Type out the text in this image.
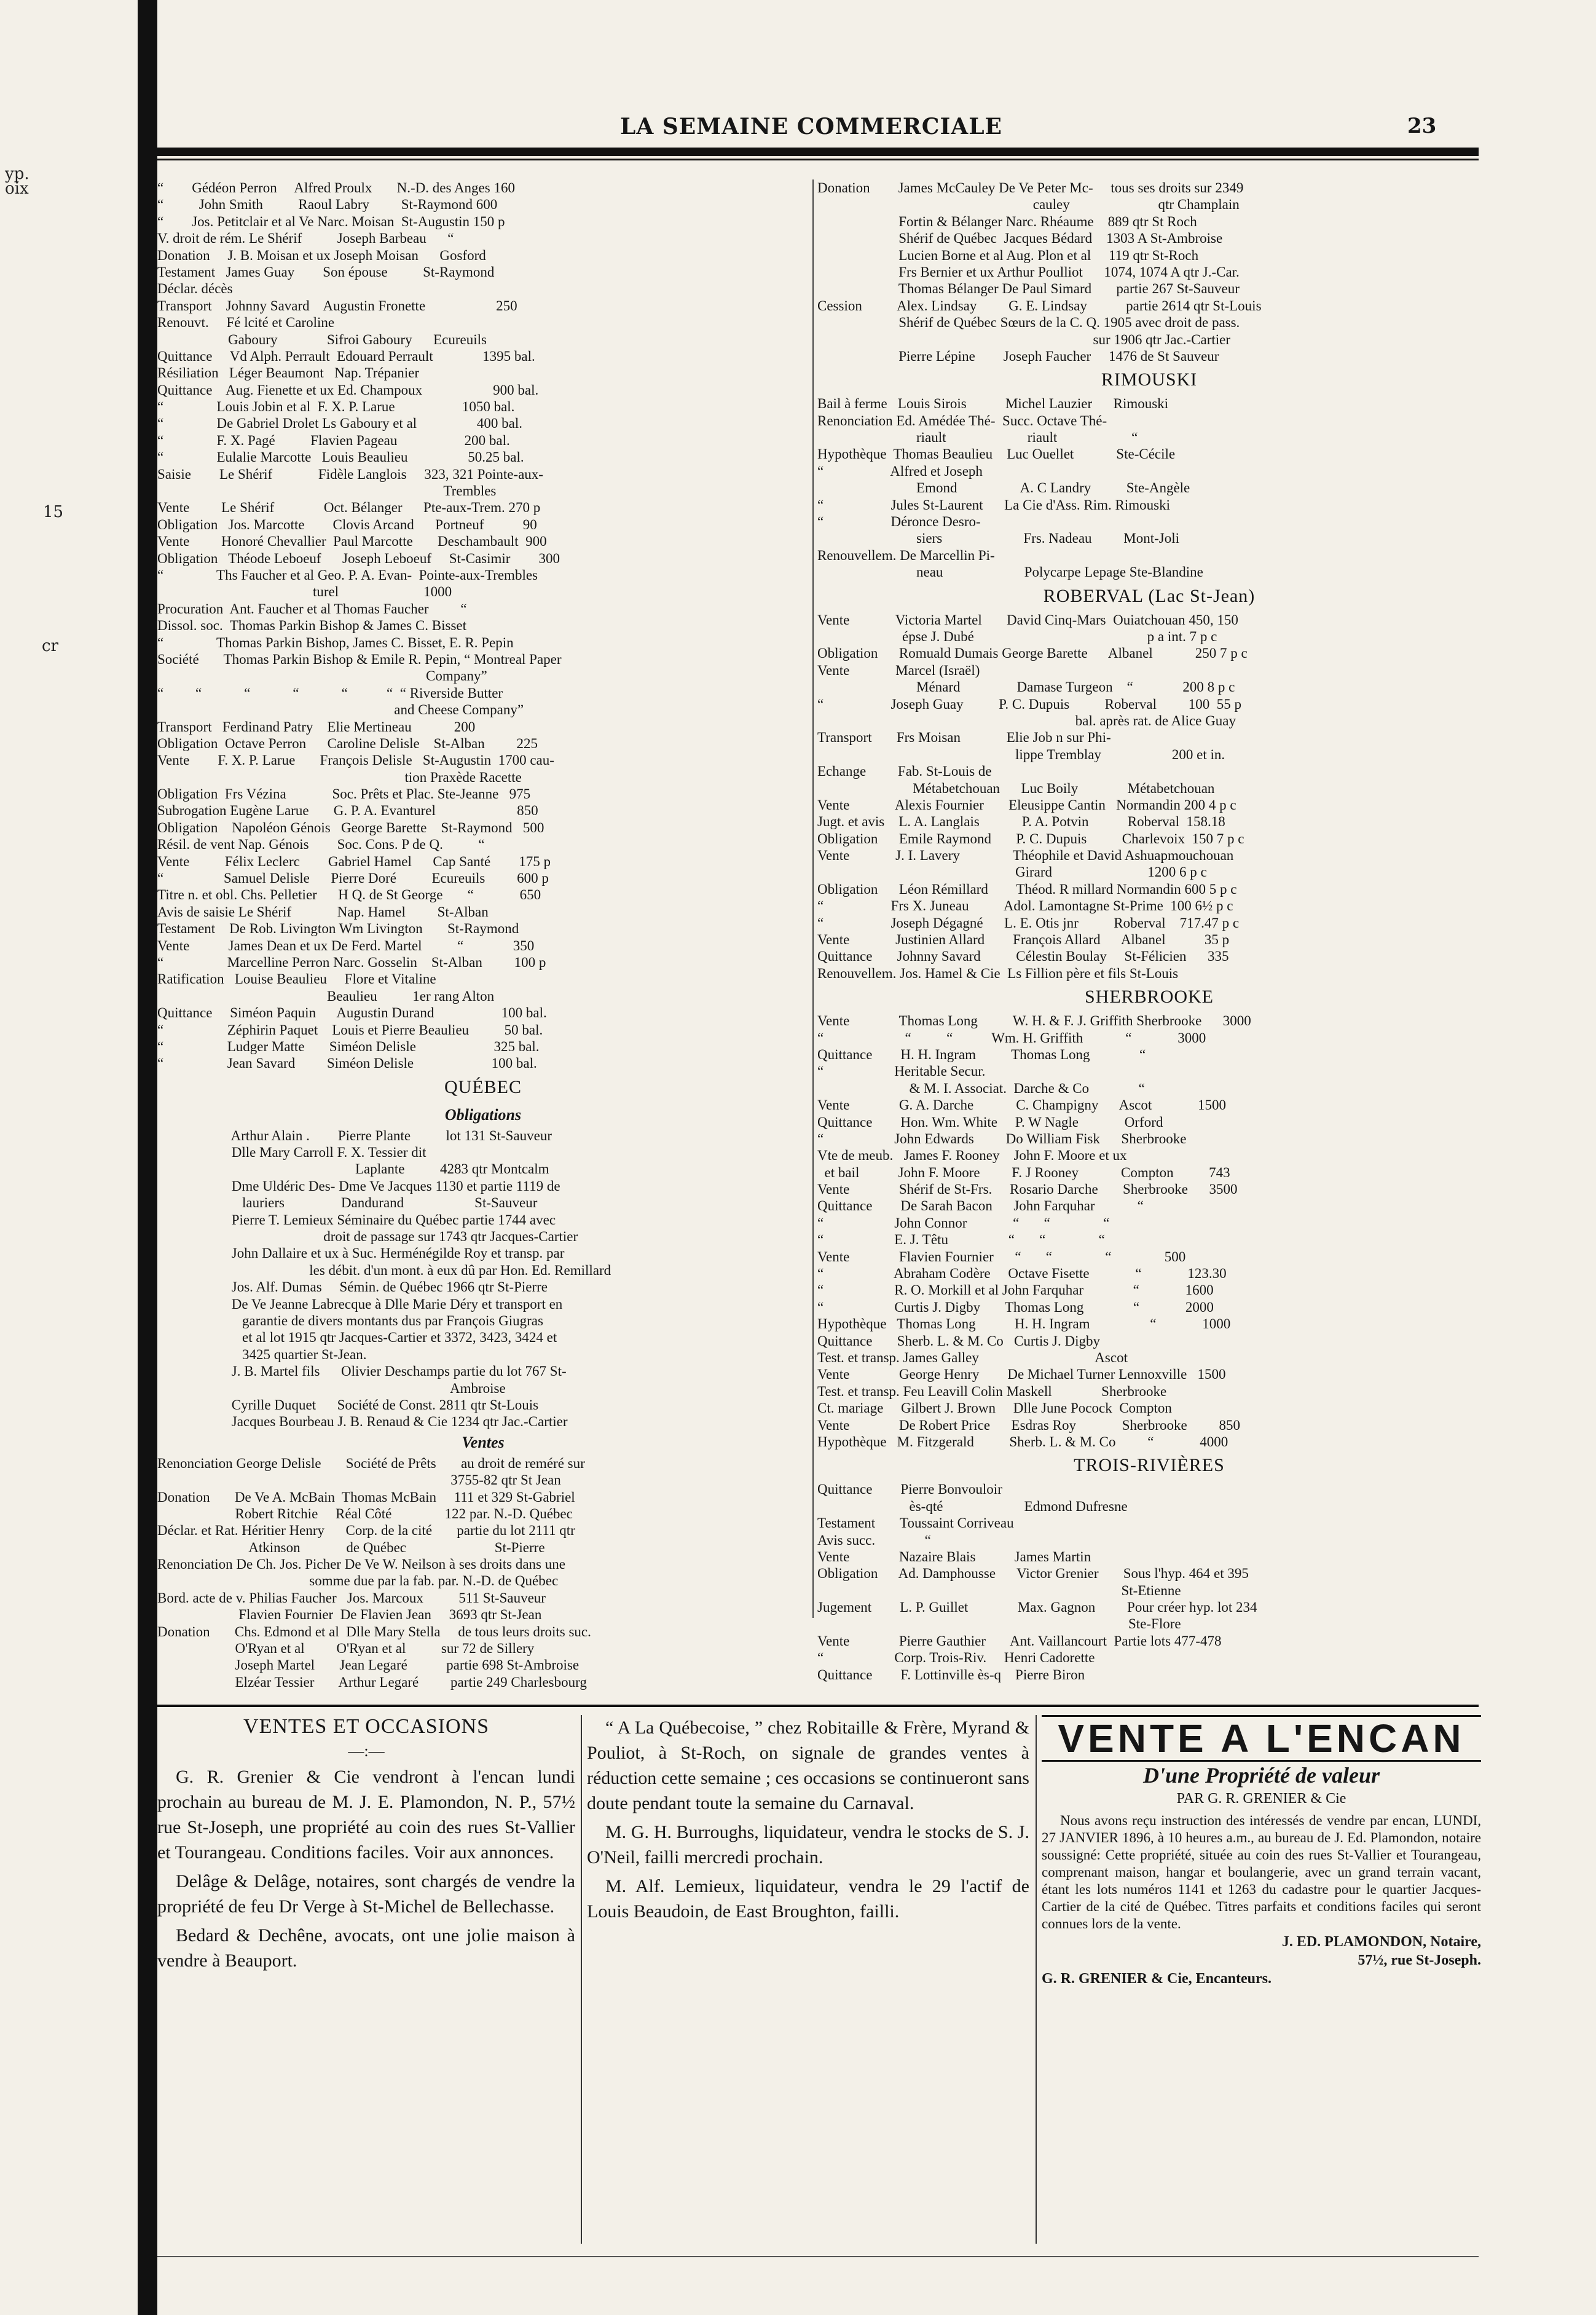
yp.
oix
15
cr
LA SEMAINE COMMERCIALE	23
“        Gédéon Perron     Alfred Proulx       N.-D. des Anges 160
“          John Smith          Raoul Labry         St-Raymond 600
“        Jos. Petitclair et al Ve Narc. Moisan  St-Augustin 150 p
V. droit de rém. Le Shérif          Joseph Barbeau      “
Donation     J. B. Moisan et ux Joseph Moisan      Gosford
Testament   James Guay        Son épouse          St-Raymond
Déclar. décès
Transport    Johnny Savard    Augustin Fronette                    250
Renouvt.     Fé lcité et Caroline
Gaboury              Sifroi Gaboury      Ecureuils
Quittance     Vd Alph. Perrault  Edouard Perrault              1395 bal.
Résiliation   Léger Beaumont   Nap. Trépanier
Quittance    Aug. Fienette et ux Ed. Champoux                    900 bal.
“               Louis Jobin et al  F. X. P. Larue                   1050 bal.
“               De Gabriel Drolet Ls Gaboury et al                 400 bal.
“               F. X. Pagé          Flavien Pageau                   200 bal.
“               Eulalie Marcotte   Louis Beaulieu                 50.25 bal.
Saisie        Le Shérif             Fidèle Langlois     323, 321 Pointe-aux-
Trembles
Vente         Le Shérif              Oct. Bélanger      Pte-aux-Trem. 270 p
Obligation   Jos. Marcotte        Clovis Arcand      Portneuf           90
Vente         Honoré Chevallier  Paul Marcotte       Deschambault  900
Obligation   Théode Leboeuf      Joseph Leboeuf     St-Casimir        300
“               Ths Faucher et al Geo. P. A. Evan-  Pointe-aux-Trembles
turel                        1000
Procuration  Ant. Faucher et al Thomas Faucher         “
Dissol. soc.  Thomas Parkin Bishop & James C. Bisset
“               Thomas Parkin Bishop, James C. Bisset, E. R. Pepin
Société       Thomas Parkin Bishop & Emile R. Pepin, “ Montreal Paper
Company”
“         “            “            “            “           “  “ Riverside Butter
and Cheese Company”
Transport   Ferdinand Patry    Elie Mertineau            200
Obligation  Octave Perron      Caroline Delisle    St-Alban         225
Vente        F. X. P. Larue       François Delisle   St-Augustin  1700 cau-
tion Praxède Racette
Obligation  Frs Vézina             Soc. Prêts et Plac. Ste-Jeanne   975
Subrogation Eugène Larue       G. P. A. Evanturel                       850
Obligation    Napoléon Génois   George Barette    St-Raymond   500
Résil. de vent Nap. Génois        Soc. Cons. P de Q.          “
Vente          Félix Leclerc        Gabriel Hamel      Cap Santé        175 p
“                 Samuel Delisle      Pierre Doré          Ecureuils         600 p
Titre n. et obl. Chs. Pelletier      H Q. de St George       “             650
Avis de saisie Le Shérif             Nap. Hamel         St-Alban
Testament    De Rob. Livington Wm Livington       St-Raymond
Vente           James Dean et ux De Ferd. Martel          “              350
“                  Marcelline Perron Narc. Gosselin    St-Alban         100 p
Ratification   Louise Beaulieu     Flore et Vitaline
Beaulieu          1er rang Alton
Quittance     Siméon Paquin      Augustin Durand                   100 bal.
“                  Zéphirin Paquet    Louis et Pierre Beaulieu          50 bal.
“                  Ludger Matte       Siméon Delisle                      325 bal.
“                  Jean Savard         Siméon Delisle                      100 bal.
QUÉBEC
Obligations
Arthur Alain .        Pierre Plante          lot 131 St-Sauveur
Dlle Mary Carroll F. X. Tessier dit
Laplante          4283 qtr Montcalm
Dme Uldéric Des- Dme Ve Jacques 1130 et partie 1119 de
lauriers                Dandurand                    St-Sauveur
Pierre T. Lemieux Séminaire du Québec partie 1744 avec
droit de passage sur 1743 qtr Jacques-Cartier
John Dallaire et ux à Suc. Herménégilde Roy et transp. par
les débit. d'un mont. à eux dû par Hon. Ed. Remillard
Jos. Alf. Dumas     Sémin. de Québec 1966 qtr St-Pierre
De Ve Jeanne Labrecque à Dlle Marie Déry et transport en
garantie de divers montants dus par François Giugras
et al lot 1915 qtr Jacques-Cartier et 3372, 3423, 3424 et
3425 quartier St-Jean.
J. B. Martel fils      Olivier Deschamps partie du lot 767 St-
Ambroise
Cyrille Duquet      Société de Const. 2811 qtr St-Louis
Jacques Bourbeau J. B. Renaud & Cie 1234 qtr Jac.-Cartier
Ventes
Renonciation George Delisle       Société de Prêts       au droit de reméré sur
3755-82 qtr St Jean
Donation       De Ve A. McBain  Thomas McBain     111 et 329 St-Gabriel
Robert Ritchie     Réal Côté               122 par. N.-D. Québec
Déclar. et Rat. Héritier Henry      Corp. de la cité       partie du lot 2111 qtr
Atkinson             de Québec                         St-Pierre
Renonciation De Ch. Jos. Picher De Ve W. Neilson à ses droits dans une
somme due par la fab. par. N.-D. de Québec
Bord. acte de v. Philias Faucher   Jos. Marcoux          511 St-Sauveur
Flavien Fournier  De Flavien Jean     3693 qtr St-Jean
Donation       Chs. Edmond et al  Dlle Mary Stella     de tous leurs droits suc.
O'Ryan et al         O'Ryan et al          sur 72 de Sillery
Joseph Martel       Jean Legaré           partie 698 St-Ambroise
Elzéar Tessier       Arthur Legaré         partie 249 Charlesbourg
Donation        James McCauley De Ve Peter Mc-     tous ses droits sur 2349
cauley                         qtr Champlain
Fortin & Bélanger Narc. Rhéaume    889 qtr St Roch
Shérif de Québec  Jacques Bédard    1303 A St-Ambroise
Lucien Borne et al Aug. Plon et al     119 qtr St-Roch
Frs Bernier et ux Arthur Poulliot      1074, 1074 A qtr J.-Car.
Thomas Bélanger De Paul Simard       partie 267 St-Sauveur
Cession          Alex. Lindsay         G. E. Lindsay           partie 2614 qtr St-Louis
Shérif de Québec Sœurs de la C. Q. 1905 avec droit de pass.
sur 1906 qtr Jac.-Cartier
Pierre Lépine        Joseph Faucher     1476 de St Sauveur
RIMOUSKI
Bail à ferme   Louis Sirois           Michel Lauzier      Rimouski
Renonciation Ed. Amédée Thé-  Succ. Octave Thé-
riault                       riault                     “
Hypothèque  Thomas Beaulieu    Luc Ouellet            Ste-Cécile
“                   Alfred et Joseph
Emond                  A. C Landry          Ste-Angèle
“                   Jules St-Laurent      La Cie d'Ass. Rim. Rimouski
“                   Déronce Desro-
siers                       Frs. Nadeau         Mont-Joli
Renouvellem. De Marcellin Pi-
neau                       Polycarpe Lepage Ste-Blandine
ROBERVAL (Lac St-Jean)
Vente             Victoria Martel       David Cinq-Mars  Ouiatchouan 450, 150
épse J. Dubé                                                 p a int. 7 p c
Obligation      Romuald Dumais George Barette      Albanel            250 7 p c
Vente             Marcel (Israël)
Ménard                Damase Turgeon    “              200 8 p c
“                   Joseph Guay          P. C. Dupuis          Roberval         100  55 p
bal. après rat. de Alice Guay
Transport       Frs Moisan             Elie Job n sur Phi-
lippe Tremblay                    200 et in.
Echange         Fab. St-Louis de
Métabetchouan      Luc Boily              Métabetchouan
Vente             Alexis Fournier       Eleusippe Cantin   Normandin 200 4 p c
Jugt. et avis    L. A. Langlais            P. A. Potvin           Roberval  158.18
Obligation      Emile Raymond       P. C. Dupuis          Charlevoix  150 7 p c
Vente             J. I. Lavery               Théophile et David Ashuapmouchouan
Girard                           1200 6 p c
Obligation      Léon Rémillard        Théod. R millard Normandin 600 5 p c
“                   Frs X. Juneau          Adol. Lamontagne St-Prime  100 6½ p c
“                   Joseph Dégagné      L. E. Otis jnr          Roberval    717.47 p c
Vente             Justinien Allard        François Allard      Albanel           35 p
Quittance       Johnny Savard          Célestin Boulay     St-Félicien      335
Renouvellem. Jos. Hamel & Cie  Ls Fillion père et fils St-Louis
SHERBROOKE
Vente              Thomas Long          W. H. & F. J. Griffith Sherbrooke      3000
“                       “          “           Wm. H. Griffith            “             3000
Quittance        H. H. Ingram          Thomas Long              “
“                    Heritable Secur.
& M. I. Associat.  Darche & Co              “
Vente              G. A. Darche            C. Champigny      Ascot             1500
Quittance        Hon. Wm. White     P. W Nagle             Orford
“                    John Edwards         Do William Fisk      Sherbrooke
Vte de meub.   James F. Rooney    John F. Moore et ux
et bail           John F. Moore         F. J Rooney            Compton          743
Vente              Shérif de St-Frs.     Rosario Darche       Sherbrooke      3500
Quittance        De Sarah Bacon      John Farquhar            “
“                    John Connor             “       “               “
“                    E. J. Têtu                 “       “               “
Vente              Flavien Fournier      “       “               “               500
“                    Abraham Codère     Octave Fisette             “             123.30
“                    R. O. Morkill et al John Farquhar              “             1600
“                    Curtis J. Digby       Thomas Long              “             2000
Hypothèque   Thomas Long           H. H. Ingram                 “             1000
Quittance       Sherb. L. & M. Co   Curtis J. Digby
Test. et transp. James Galley                                 Ascot
Vente              George Henry        De Michael Turner Lennoxville   1500
Test. et transp. Feu Leavill Colin Maskell              Sherbrooke
Ct. mariage     Gilbert J. Brown     Dlle June Pocock  Compton
Vente              De Robert Price      Esdras Roy             Sherbrooke         850
Hypothèque   M. Fitzgerald          Sherb. L. & M. Co         “             4000
TROIS-RIVIÈRES
Quittance        Pierre Bonvouloir
ès-qté                       Edmond Dufresne
Testament       Toussaint Corriveau
Avis succ.              “
Vente              Nazaire Blais           James Martin
Obligation      Ad. Damphousse      Victor Grenier       Sous l'hyp. 464 et 395
St-Etienne
Jugement        L. P. Guillet              Max. Gagnon         Pour créer hyp. lot 234
Ste-Flore
Vente              Pierre Gauthier       Ant. Vaillancourt  Partie lots 477-478
“                    Corp. Trois-Riv.     Henri Cadorette
Quittance        F. Lottinville ès-q    Pierre Biron
VENTES ET OCCASIONS
—:—
G. R. Grenier & Cie vendront à l'encan lundi prochain au bureau de M. J. E. Plamondon, N. P., 57½ rue St-Joseph, une propriété au coin des rues St-Vallier et Tourangeau. Conditions faciles. Voir aux annonces.
Delâge & Delâge, notaires, sont chargés de vendre la propriété de feu Dr Verge à St-Michel de Bellechasse.
Bedard & Dechêne, avocats, ont une jolie maison à vendre à Beauport.
“ A La Québecoise, ” chez Robitaille & Frère, Myrand & Pouliot, à St-Roch, on signale de grandes ventes à réduction cette semaine ; ces occasions se continueront sans doute pendant toute la semaine du Carnaval.
M. G. H. Burroughs, liquidateur, vendra le stocks de S. J. O'Neil, failli mercredi prochain.
M. Alf. Lemieux, liquidateur, vendra le 29 l'actif de Louis Beaudoin, de East Broughton, failli.
VENTE A L'ENCAN
D'une Propriété de valeur
PAR G. R. GRENIER & Cie
Nous avons reçu instruction des intéressés de vendre par encan, LUNDI, 27 JANVIER 1896, à 10 heures a.m., au bureau de J. Ed. Plamondon, notaire soussigné: Cette propriété, située au coin des rues St-Vallier et Tourangeau, comprenant maison, hangar et boulangerie, avec un grand terrain vacant, étant les lots numéros 1141 et 1263 du cadastre pour le quartier Jacques-Cartier de la cité de Québec. Titres parfaits et conditions faciles qui seront connues lors de la vente.
J. ED. PLAMONDON, Notaire,
57½, rue St-Joseph.
G. R. GRENIER & Cie, Encanteurs.
